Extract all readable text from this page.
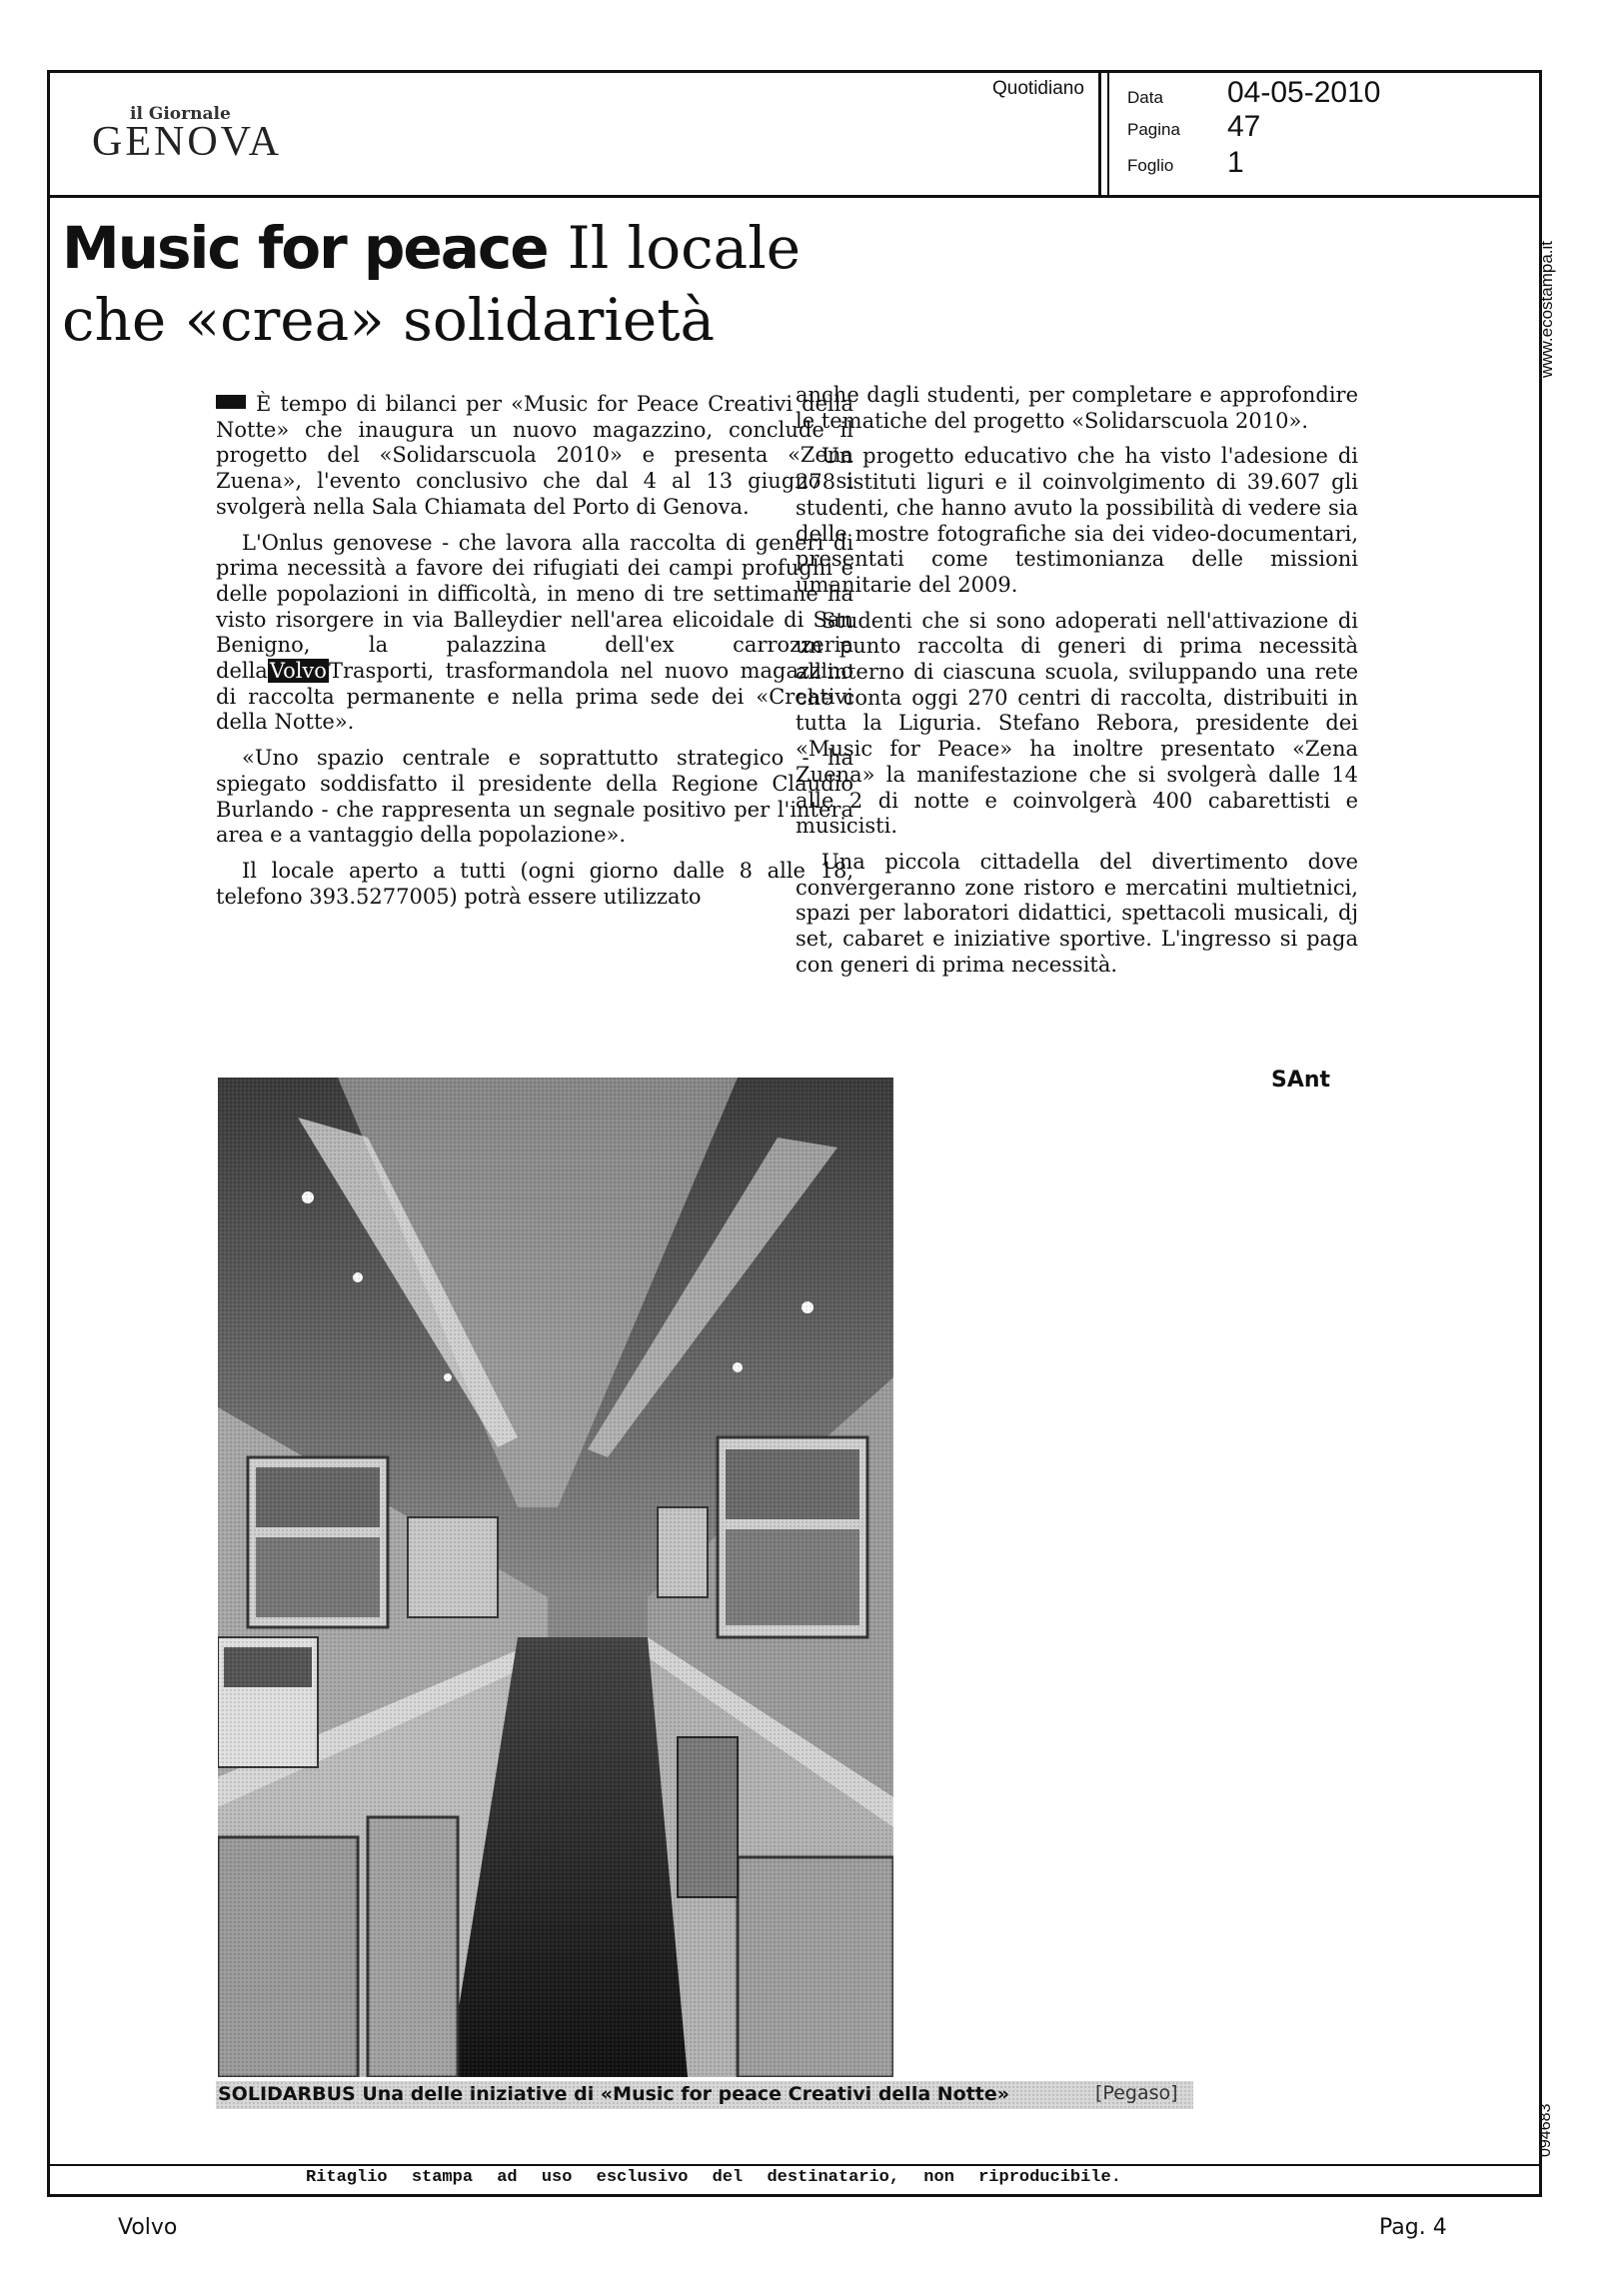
il Giornale
GENOVA
Quotidiano	Data 04-05-2010
Pagina 47
Foglio 1
Music for peace Il locale
che «crea» solidarietà

È tempo di bilanci per «Music for Peace Creativi della Notte» che inaugura un nuovo magazzino, conclude il progetto del «Solidarscuola 2010» e presenta «Zena Zuena», l'evento conclusivo che dal 4 al 13 giugno si svolgerà nella Sala Chiamata del Porto di Genova.

L'Onlus genovese - che lavora alla raccolta di generi di prima necessità a favore dei rifugiati dei campi profughi e delle popolazioni in difficoltà, in meno di tre settimane ha visto risorgere in via Balleydier nell'area elicoidale di San Benigno, la palazzina dell'ex carrozzeria dellaVolvoTrasporti, trasformandola nel nuovo magazzino di raccolta permanente e nella prima sede dei «Creativi della Notte».

«Uno spazio centrale e soprattutto strategico - ha spiegato soddisfatto il presidente della Regione Claudio Burlando - che rappresenta un segnale positivo per l'intera area e a vantaggio della popolazione».

Il locale aperto a tutti (ogni giorno dalle 8 alle 18, telefono 393.5277005) potrà essere utilizzato

anche dagli studenti, per completare e approfondire le tematiche del progetto «Solidarscuola 2010».

Un progetto educativo che ha visto l'adesione di 278 istituti liguri e il coinvolgimento di 39.607 gli studenti, che hanno avuto la possibilità di vedere sia delle mostre fotografiche sia dei video-documentari, presentati come testimonianza delle missioni umanitarie del 2009.

Studenti che si sono adoperati nell'attivazione di un punto raccolta di generi di prima necessità all'interno di ciascuna scuola, sviluppando una rete che conta oggi 270 centri di raccolta, distribuiti in tutta la Liguria. Stefano Rebora, presidente dei «Music for Peace» ha inoltre presentato «Zena Zuena» la manifestazione che si svolgerà dalle 14 alle 2 di notte e coinvolgerà 400 cabarettisti e musicisti.

Una piccola cittadella del divertimento dove convergeranno zone ristoro e mercatini multietnici, spazi per laboratori didattici, spettacoli musicali, dj set, cabaret e iniziative sportive. L'ingresso si paga con generi di prima necessità.

SAnt
SOLIDARBUS Una delle iniziative di «Music for peace Creativi della Notte»	[Pegaso]
www.ecostampa.it
094683
Ritaglio stampa ad uso esclusivo del destinatario, non riproducibile.
Volvo	Pag. 4
